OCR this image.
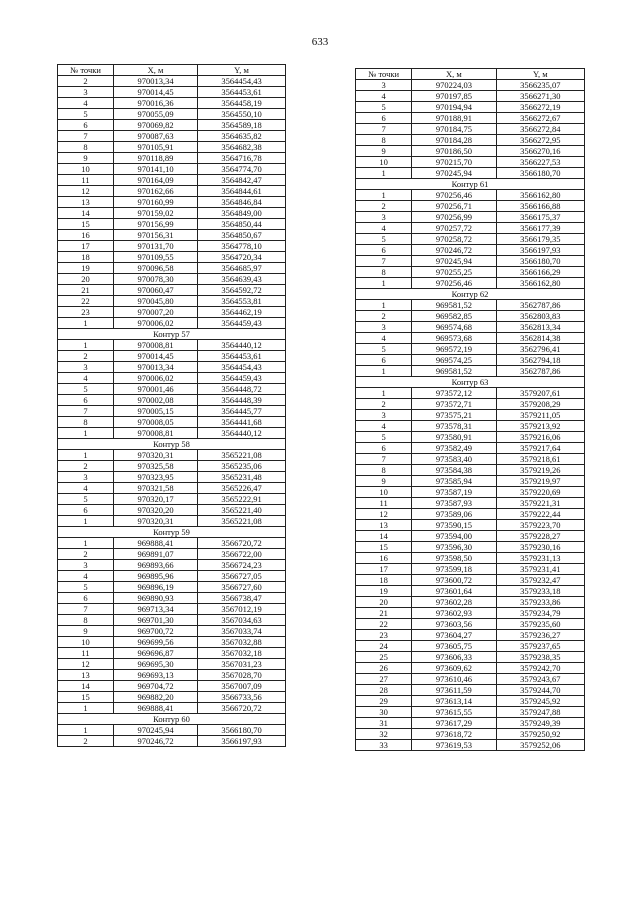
633
№ точки	X, м	Y, м
2	970013,34	3564454,43
3	970014,45	3564453,61
4	970016,36	3564458,19
5	970055,09	3564550,10
6	970069,82	3564589,18
7	970087,63	3564635,82
8	970105,91	3564682,38
9	970118,89	3564716,78
10	970141,10	3564774,70
11	970164,09	3564842,47
12	970162,66	3564844,61
13	970160,99	3564846,84
14	970159,02	3564849,00
15	970156,99	3564850,44
16	970156,31	3564850,67
17	970131,70	3564778,10
18	970109,55	3564720,34
19	970096,58	3564685,97
20	970078,30	3564639,43
21	970060,47	3564592,72
22	970045,80	3564553,81
23	970007,20	3564462,19
1	970006,02	3564459,43
Контур 57		
1	970008,81	3564440,12
2	970014,45	3564453,61
3	970013,34	3564454,43
4	970006,02	3564459,43
5	970001,46	3564448,72
6	970002,08	3564448,39
7	970005,15	3564445,77
8	970008,05	3564441,68
1	970008,81	3564440,12
Контур 58		
1	970320,31	3565221,08
2	970325,58	3565235,06
3	970323,95	3565231,48
4	970321,58	3565226,47
5	970320,17	3565222,91
6	970320,20	3565221,40
1	970320,31	3565221,08
Контур 59		
1	969888,41	3566720,72
2	969891,07	3566722,00
3	969893,66	3566724,23
4	969895,96	3566727,05
5	969896,19	3566727,60
6	969890,93	3566738,47
7	969713,34	3567012,19
8	969701,30	3567034,63
9	969700,72	3567033,74
10	969699,56	3567032,88
11	969696,87	3567032,18
12	969695,30	3567031,23
13	969693,13	3567028,70
14	969704,72	3567007,09
15	969882,20	3566733,56
1	969888,41	3566720,72
Контур 60		
1	970245,94	3566180,70
2	970246,72	3566197,93
№ точки	X, м	Y, м
3	970224,03	3566235,07
4	970197,85	3566271,30
5	970194,94	3566272,19
6	970188,91	3566272,67
7	970184,75	3566272,84
8	970184,28	3566272,95
9	970186,50	3566270,16
10	970215,70	3566227,53
1	970245,94	3566180,70
Контур 61		
1	970256,46	3566162,80
2	970256,71	3566166,88
3	970256,99	3566175,37
4	970257,72	3566177,39
5	970258,72	3566179,35
6	970246,72	3566197,93
7	970245,94	3566180,70
8	970255,25	3566166,29
1	970256,46	3566162,80
Контур 62		
1	969581,52	3562787,86
2	969582,85	3562803,83
3	969574,68	3562813,34
4	969573,68	3562814,38
5	969572,19	3562796,41
6	969574,25	3562794,18
1	969581,52	3562787,86
Контур 63		
1	973572,12	3579207,61
2	973572,71	3579208,29
3	973575,21	3579211,05
4	973578,31	3579213,92
5	973580,91	3579216,06
6	973582,49	3579217,64
7	973583,40	3579218,61
8	973584,38	3579219,26
9	973585,94	3579219,97
10	973587,19	3579220,69
11	973587,93	3579221,31
12	973589,06	3579222,44
13	973590,15	3579223,70
14	973594,00	3579228,27
15	973596,30	3579230,16
16	973598,50	3579231,13
17	973599,18	3579231,41
18	973600,72	3579232,47
19	973601,64	3579233,18
20	973602,28	3579233,86
21	973602,93	3579234,79
22	973603,56	3579235,60
23	973604,27	3579236,27
24	973605,75	3579237,65
25	973606,33	3579238,35
26	973609,62	3579242,70
27	973610,46	3579243,67
28	973611,59	3579244,70
29	973613,14	3579245,92
30	973615,55	3579247,88
31	973617,29	3579249,39
32	973618,72	3579250,92
33	973619,53	3579252,06
